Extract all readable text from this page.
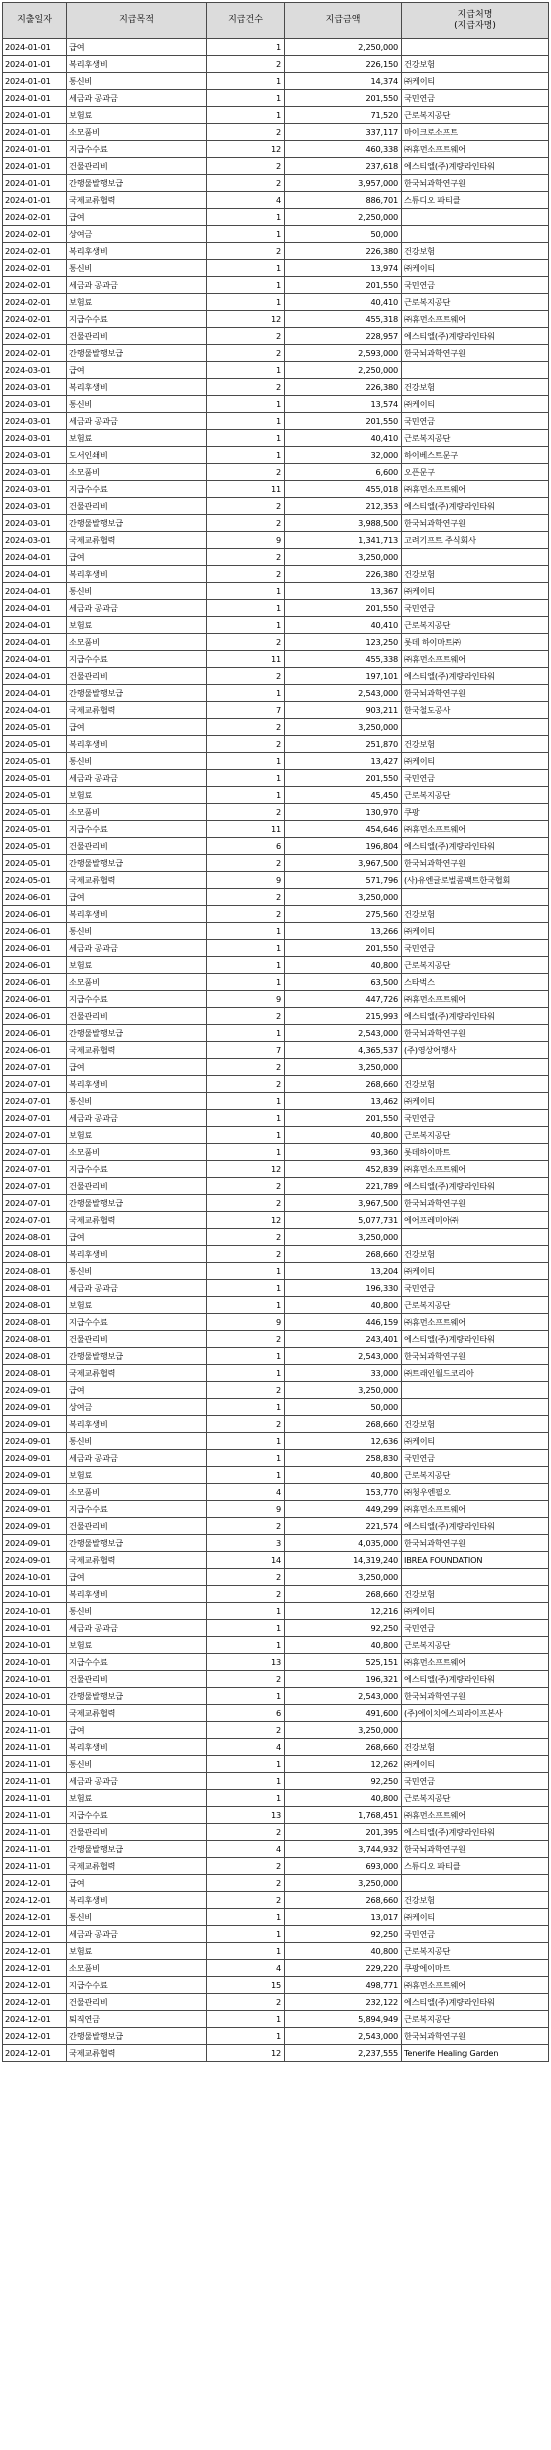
지출일자	지급목적	지급건수	지급금액	지급처명
(지급자명)
2024-01-01	급여	1	2,250,000	
2024-01-01	복리후생비	2	226,150	건강보험
2024-01-01	통신비	1	14,374	㈜케이티
2024-01-01	세금과 공과금	1	201,550	국민연금
2024-01-01	보험료	1	71,520	근로복지공단
2024-01-01	소모품비	2	337,117	마이크로소프트
2024-01-01	지급수수료	12	460,338	㈜휴먼소프트웨어
2024-01-01	건물관리비	2	237,618	에스티엘(주)계량라인타워
2024-01-01	간행물발행보급	2	3,957,000	한국뇌과학연구원
2024-01-01	국제교류협력	4	886,701	스튜디오 파티클
2024-02-01	급여	1	2,250,000	
2024-02-01	상여금	1	50,000	
2024-02-01	복리후생비	2	226,380	건강보험
2024-02-01	통신비	1	13,974	㈜케이티
2024-02-01	세금과 공과금	1	201,550	국민연금
2024-02-01	보험료	1	40,410	근로복지공단
2024-02-01	지급수수료	12	455,318	㈜휴먼소프트웨어
2024-02-01	건물관리비	2	228,957	에스티엘(주)계량라인타워
2024-02-01	간행물발행보급	2	2,593,000	한국뇌과학연구원
2024-03-01	급여	1	2,250,000	
2024-03-01	복리후생비	2	226,380	건강보험
2024-03-01	통신비	1	13,574	㈜케이티
2024-03-01	세금과 공과금	1	201,550	국민연금
2024-03-01	보험료	1	40,410	근로복지공단
2024-03-01	도서인쇄비	1	32,000	하이베스트문구
2024-03-01	소모품비	2	6,600	오픈문구
2024-03-01	지급수수료	11	455,018	㈜휴먼소프트웨어
2024-03-01	건물관리비	2	212,353	에스티엘(주)계량라인타워
2024-03-01	간행물발행보급	2	3,988,500	한국뇌과학연구원
2024-03-01	국제교류협력	9	1,341,713	고려기프트 주식회사
2024-04-01	급여	2	3,250,000	
2024-04-01	복리후생비	2	226,380	건강보험
2024-04-01	통신비	1	13,367	㈜케이티
2024-04-01	세금과 공과금	1	201,550	국민연금
2024-04-01	보험료	1	40,410	근로복지공단
2024-04-01	소모품비	2	123,250	롯데 하이마트㈜
2024-04-01	지급수수료	11	455,338	㈜휴먼소프트웨어
2024-04-01	건물관리비	2	197,101	에스티엘(주)계량라인타워
2024-04-01	간행물발행보급	1	2,543,000	한국뇌과학연구원
2024-04-01	국제교류협력	7	903,211	한국철도공사
2024-05-01	급여	2	3,250,000	
2024-05-01	복리후생비	2	251,870	건강보험
2024-05-01	통신비	1	13,427	㈜케이티
2024-05-01	세금과 공과금	1	201,550	국민연금
2024-05-01	보험료	1	45,450	근로복지공단
2024-05-01	소모품비	2	130,970	쿠팡
2024-05-01	지급수수료	11	454,646	㈜휴먼소프트웨어
2024-05-01	건물관리비	6	196,804	에스티엘(주)계량라인타워
2024-05-01	간행물발행보급	2	3,967,500	한국뇌과학연구원
2024-05-01	국제교류협력	9	571,796	(사)유엔글로벌콤팩트한국협회
2024-06-01	급여	2	3,250,000	
2024-06-01	복리후생비	2	275,560	건강보험
2024-06-01	통신비	1	13,266	㈜케이티
2024-06-01	세금과 공과금	1	201,550	국민연금
2024-06-01	보험료	1	40,800	근로복지공단
2024-06-01	소모품비	1	63,500	스타벅스
2024-06-01	지급수수료	9	447,726	㈜휴먼소프트웨어
2024-06-01	건물관리비	2	215,993	에스티엘(주)계량라인타워
2024-06-01	간행물발행보급	1	2,543,000	한국뇌과학연구원
2024-06-01	국제교류협력	7	4,365,537	(주)영상어행사
2024-07-01	급여	2	3,250,000	
2024-07-01	복리후생비	2	268,660	건강보험
2024-07-01	통신비	1	13,462	㈜케이티
2024-07-01	세금과 공과금	1	201,550	국민연금
2024-07-01	보험료	1	40,800	근로복지공단
2024-07-01	소모품비	1	93,360	롯데하이마트
2024-07-01	지급수수료	12	452,839	㈜휴먼소프트웨어
2024-07-01	건물관리비	2	221,789	에스티엘(주)계량라인타워
2024-07-01	간행물발행보급	2	3,967,500	한국뇌과학연구원
2024-07-01	국제교류협력	12	5,077,731	에어프레미아㈜
2024-08-01	급여	2	3,250,000	
2024-08-01	복리후생비	2	268,660	건강보험
2024-08-01	통신비	1	13,204	㈜케이티
2024-08-01	세금과 공과금	1	196,330	국민연금
2024-08-01	보험료	1	40,800	근로복지공단
2024-08-01	지급수수료	9	446,159	㈜휴먼소프트웨어
2024-08-01	건물관리비	2	243,401	에스티엘(주)계량라인타워
2024-08-01	간행물발행보급	1	2,543,000	한국뇌과학연구원
2024-08-01	국제교류협력	1	33,000	㈜트래인월드코리아
2024-09-01	급여	2	3,250,000	
2024-09-01	상여금	1	50,000	
2024-09-01	복리후생비	2	268,660	건강보험
2024-09-01	통신비	1	12,636	㈜케이티
2024-09-01	세금과 공과금	1	258,830	국민연금
2024-09-01	보험료	1	40,800	근로복지공단
2024-09-01	소모품비	4	153,770	㈜청우엔필오
2024-09-01	지급수수료	9	449,299	㈜휴먼소프트웨어
2024-09-01	건물관리비	2	221,574	에스티엘(주)계량라인타워
2024-09-01	간행물발행보급	3	4,035,000	한국뇌과학연구원
2024-09-01	국제교류협력	14	14,319,240	IBREA FOUNDATION
2024-10-01	급여	2	3,250,000	
2024-10-01	복리후생비	2	268,660	건강보험
2024-10-01	통신비	1	12,216	㈜케이티
2024-10-01	세금과 공과금	1	92,250	국민연금
2024-10-01	보험료	1	40,800	근로복지공단
2024-10-01	지급수수료	13	525,151	㈜휴먼소프트웨어
2024-10-01	건물관리비	2	196,321	에스티엘(주)계량라인타워
2024-10-01	간행물발행보급	1	2,543,000	한국뇌과학연구원
2024-10-01	국제교류협력	6	491,600	(주)에이치에스피라이프본사
2024-11-01	급여	2	3,250,000	
2024-11-01	복리후생비	4	268,660	건강보험
2024-11-01	통신비	1	12,262	㈜케이티
2024-11-01	세금과 공과금	1	92,250	국민연금
2024-11-01	보험료	1	40,800	근로복지공단
2024-11-01	지급수수료	13	1,768,451	㈜휴먼소프트웨어
2024-11-01	건물관리비	2	201,395	에스티엘(주)계량라인타워
2024-11-01	간행물발행보급	4	3,744,932	한국뇌과학연구원
2024-11-01	국제교류협력	2	693,000	스튜디오 파티클
2024-12-01	급여	2	3,250,000	
2024-12-01	복리후생비	2	268,660	건강보험
2024-12-01	통신비	1	13,017	㈜케이티
2024-12-01	세금과 공과금	1	92,250	국민연금
2024-12-01	보험료	1	40,800	근로복지공단
2024-12-01	소모품비	4	229,220	쿠팡에이마트
2024-12-01	지급수수료	15	498,771	㈜휴먼소프트웨어
2024-12-01	건물관리비	2	232,122	에스티엘(주)계량라인타워
2024-12-01	퇴직연금	1	5,894,949	근로복지공단
2024-12-01	간행물발행보급	1	2,543,000	한국뇌과학연구원
2024-12-01	국제교류협력	12	2,237,555	Tenerife Healing Garden
